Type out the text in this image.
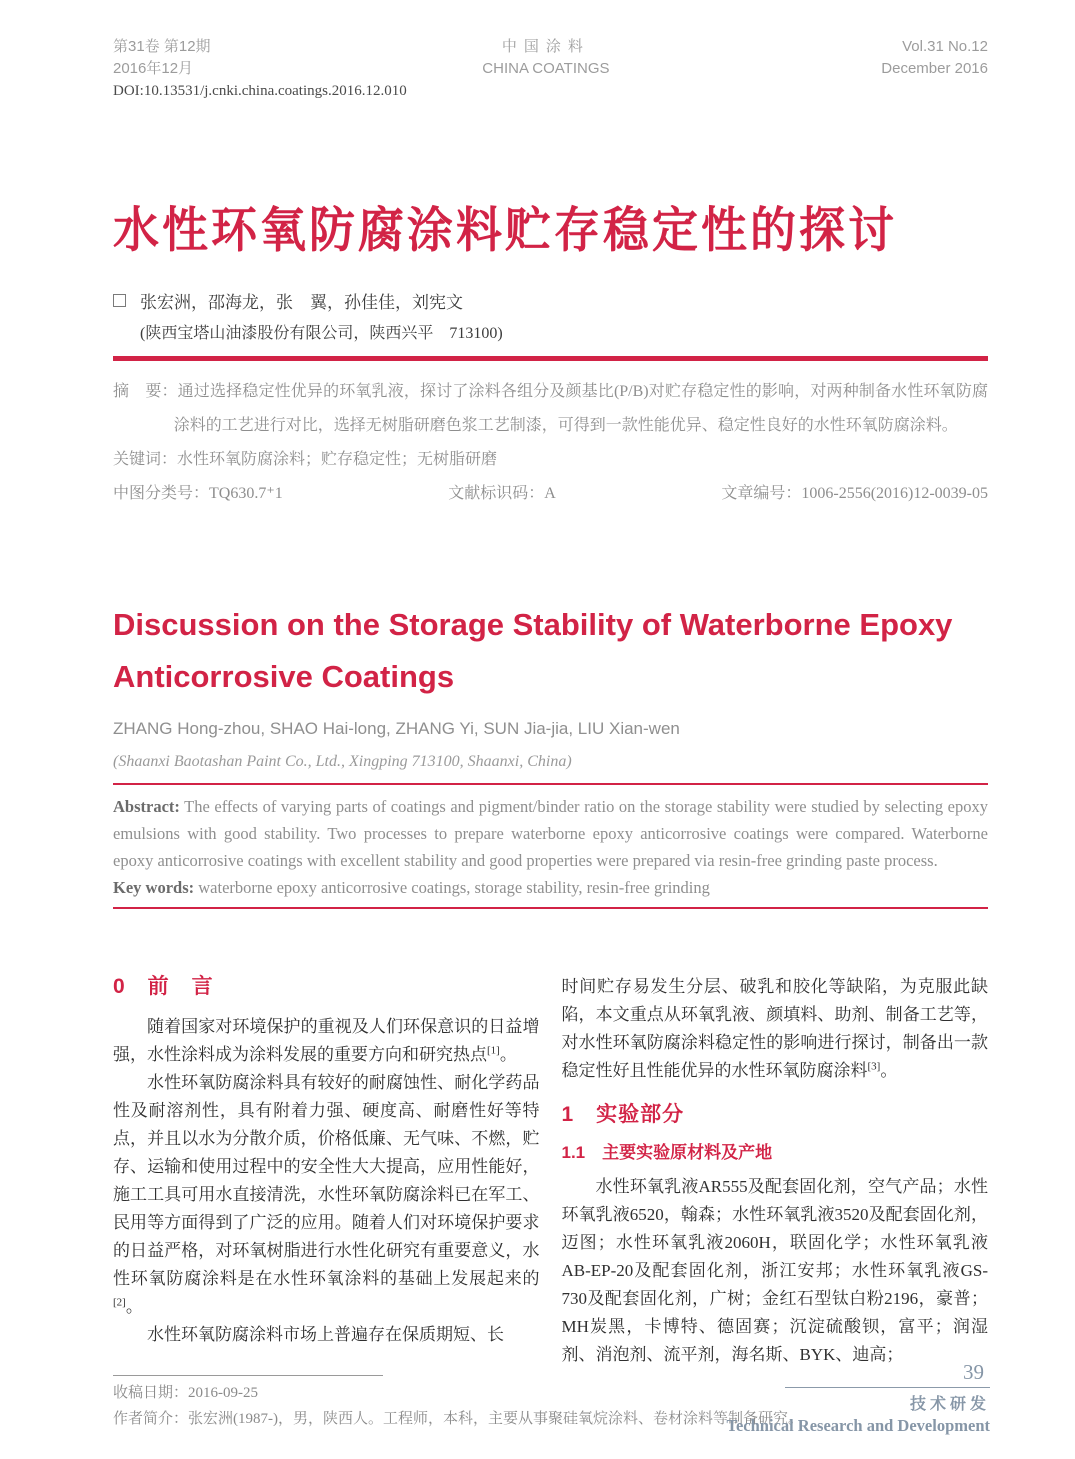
第31卷 第12期
2016年12月
中国涂料
CHINA COATINGS
Vol.31 No.12
December 2016
DOI:10.13531/j.cnki.china.coatings.2016.12.010
水性环氧防腐涂料贮存稳定性的探讨
张宏洲，邵海龙，张　翼，孙佳佳，刘宪文
(陕西宝塔山油漆股份有限公司，陕西兴平　713100)

摘　要：通过选择稳定性优异的环氧乳液，探讨了涂料各组分及颜基比(P/B)对贮存稳定性的影响，对两种制备水性环氧防腐涂料的工艺进行对比，选择无树脂研磨色浆工艺制漆，可得到一款性能优异、稳定性良好的水性环氧防腐涂料。

关键词：水性环氧防腐涂料；贮存稳定性；无树脂研磨

中图分类号：TQ630.7⁺1	文献标识码：A	文章编号：1006-2556(2016)12-0039-05

Discussion on the Storage Stability of Waterborne Epoxy Anticorrosive Coatings
ZHANG Hong-zhou, SHAO Hai-long, ZHANG Yi, SUN Jia-jia, LIU Xian-wen
(Shaanxi Baotashan Paint Co., Ltd., Xingping 713100, Shaanxi, China)

Abstract: The effects of varying parts of coatings and pigment/binder ratio on the storage stability were studied by selecting epoxy emulsions with good stability. Two processes to prepare waterborne epoxy anticorrosive coatings were compared. Waterborne epoxy anticorrosive coatings with excellent stability and good properties were prepared via resin-free grinding paste process.

Key words: waterborne epoxy anticorrosive coatings, storage stability, resin-free grinding

0　前　言

随着国家对环境保护的重视及人们环保意识的日益增强，水性涂料成为涂料发展的重要方向和研究热点[1]。

水性环氧防腐涂料具有较好的耐腐蚀性、耐化学药品性及耐溶剂性，具有附着力强、硬度高、耐磨性好等特点，并且以水为分散介质，价格低廉、无气味、不燃，贮存、运输和使用过程中的安全性大大提高，应用性能好，施工工具可用水直接清洗，水性环氧防腐涂料已在军工、民用等方面得到了广泛的应用。随着人们对环境保护要求的日益严格，对环氧树脂进行水性化研究有重要意义，水性环氧防腐涂料是在水性环氧涂料的基础上发展起来的[2]。

水性环氧防腐涂料市场上普遍存在保质期短、长

时间贮存易发生分层、破乳和胶化等缺陷，为克服此缺陷，本文重点从环氧乳液、颜填料、助剂、制备工艺等，对水性环氧防腐涂料稳定性的影响进行探讨，制备出一款稳定性好且性能优异的水性环氧防腐涂料[3]。

1　实验部分
1.1　主要实验原材料及产地

水性环氧乳液AR555及配套固化剂，空气产品；水性环氧乳液6520，翰森；水性环氧乳液3520及配套固化剂，迈图；水性环氧乳液2060H，联固化学；水性环氧乳液AB-EP-20及配套固化剂，浙江安邦；水性环氧乳液GS-730及配套固化剂，广树；金红石型钛白粉2196，豪普；MH炭黑，卡博特、德固赛；沉淀硫酸钡，富平；润湿剂、消泡剂、流平剂，海名斯、BYK、迪高；

收稿日期：2016-09-25
作者简介：张宏洲(1987-)，男，陕西人。工程师，本科，主要从事聚硅氧烷涂料、卷材涂料等制备研究。
39
技术研发
Technical Research and Development
